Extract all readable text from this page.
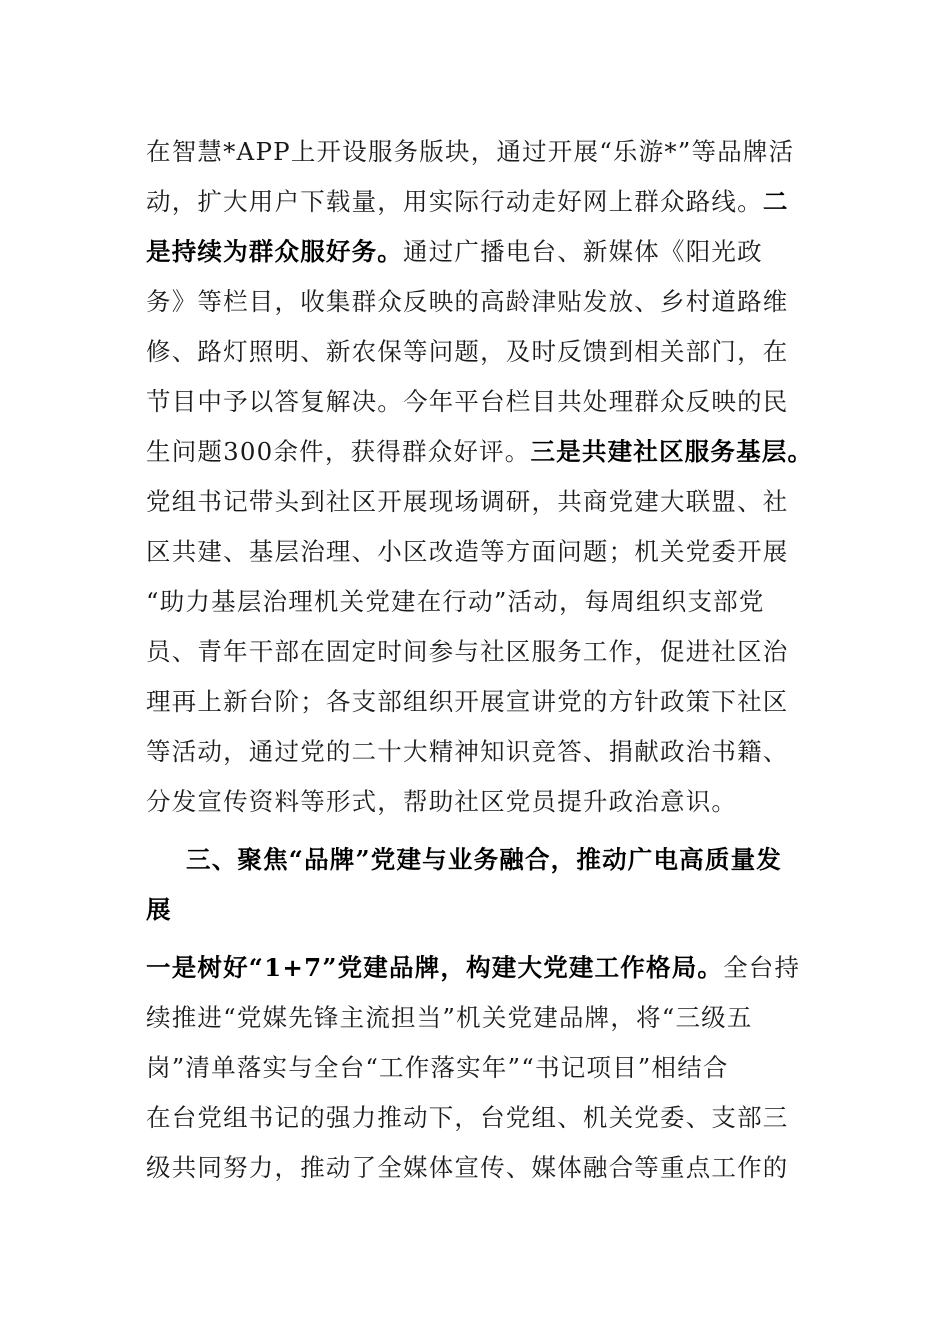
在智慧*APP上开设服务版块，通过开展“乐游*”等品牌活
动，扩大用户下载量，用实际行动走好网上群众路线。二
是持续为群众服好务。通过广播电台、新媒体《阳光政
务》等栏目，收集群众反映的高龄津贴发放、乡村道路维
修、路灯照明、新农保等问题，及时反馈到相关部门，在
节目中予以答复解决。今年平台栏目共处理群众反映的民
生问题300余件，获得群众好评。三是共建社区服务基层。
党组书记带头到社区开展现场调研，共商党建大联盟、社
区共建、基层治理、小区改造等方面问题；机关党委开展
“助力基层治理机关党建在行动”活动，每周组织支部党
员、青年干部在固定时间参与社区服务工作，促进社区治
理再上新台阶；各支部组织开展宣讲党的方针政策下社区
等活动，通过党的二十大精神知识竞答、捐献政治书籍、
分发宣传资料等形式，帮助社区党员提升政治意识。
三、聚焦“品牌”党建与业务融合，推动广电高质量发
展
一是树好“1+7”党建品牌，构建大党建工作格局。全台持
续推进“党媒先锋主流担当”机关党建品牌，将“三级五
岗”清单落实与全台“工作落实年”“书记项目”相结合
在台党组书记的强力推动下，台党组、机关党委、支部三
级共同努力，推动了全媒体宣传、媒体融合等重点工作的
